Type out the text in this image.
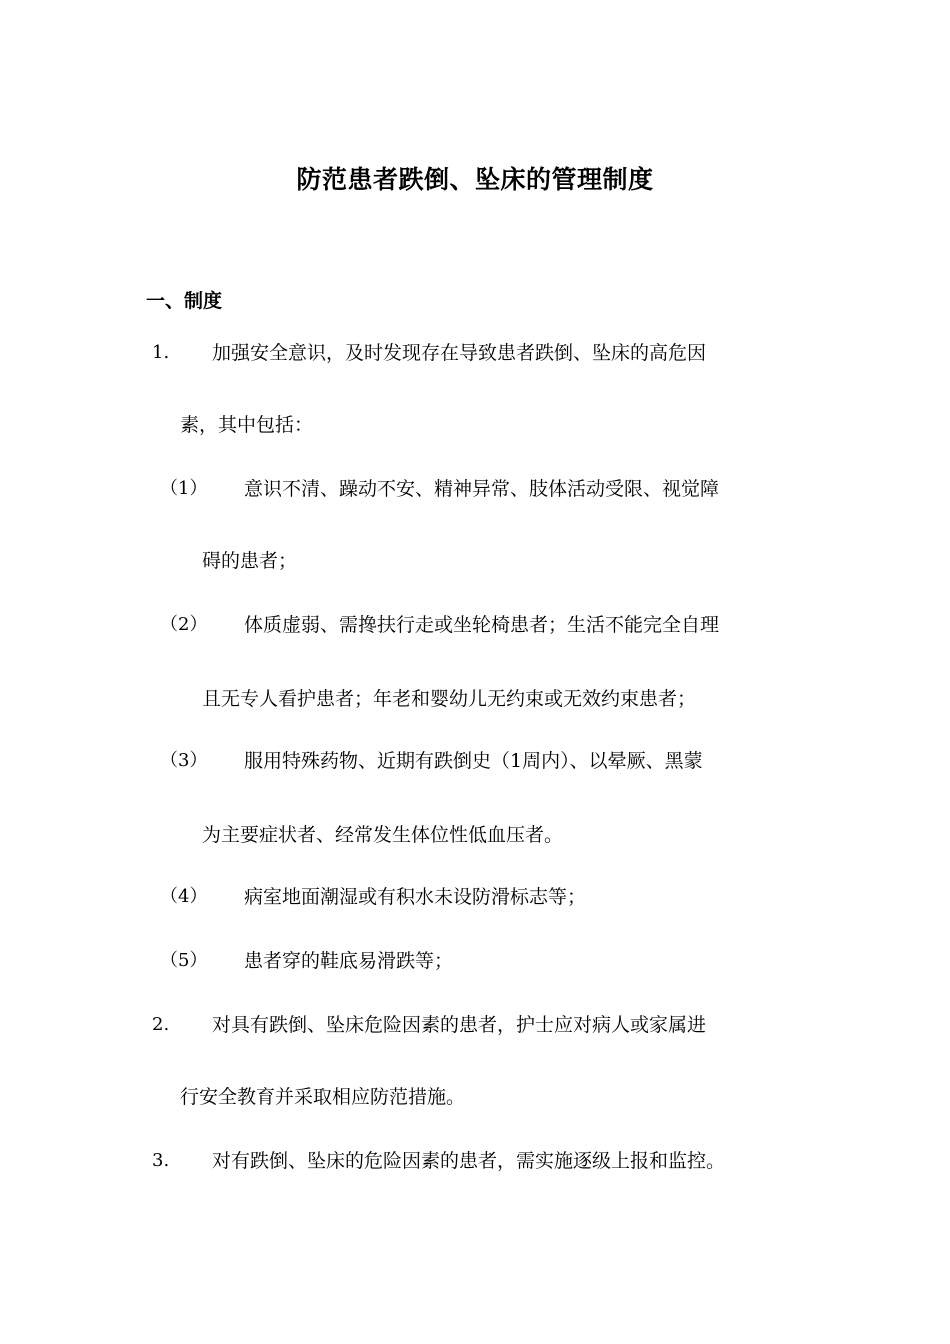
防范患者跌倒、坠床的管理制度
一、制度
1. 加强安全意识，及时发现存在导致患者跌倒、坠床的高危因
素，其中包括：
（1） 意识不清、躁动不安、精神异常、肢体活动受限、视觉障
碍的患者；
（2） 体质虚弱、需搀扶行走或坐轮椅患者；生活不能完全自理
且无专人看护患者；年老和婴幼儿无约束或无效约束患者；
（3） 服用特殊药物、近期有跌倒史（1周内）、以晕厥、黑蒙
为主要症状者、经常发生体位性低血压者。
（4） 病室地面潮湿或有积水未设防滑标志等；
（5） 患者穿的鞋底易滑跌等；
2. 对具有跌倒、坠床危险因素的患者，护士应对病人或家属进
行安全教育并采取相应防范措施。
3. 对有跌倒、坠床的危险因素的患者，需实施逐级上报和监控。
